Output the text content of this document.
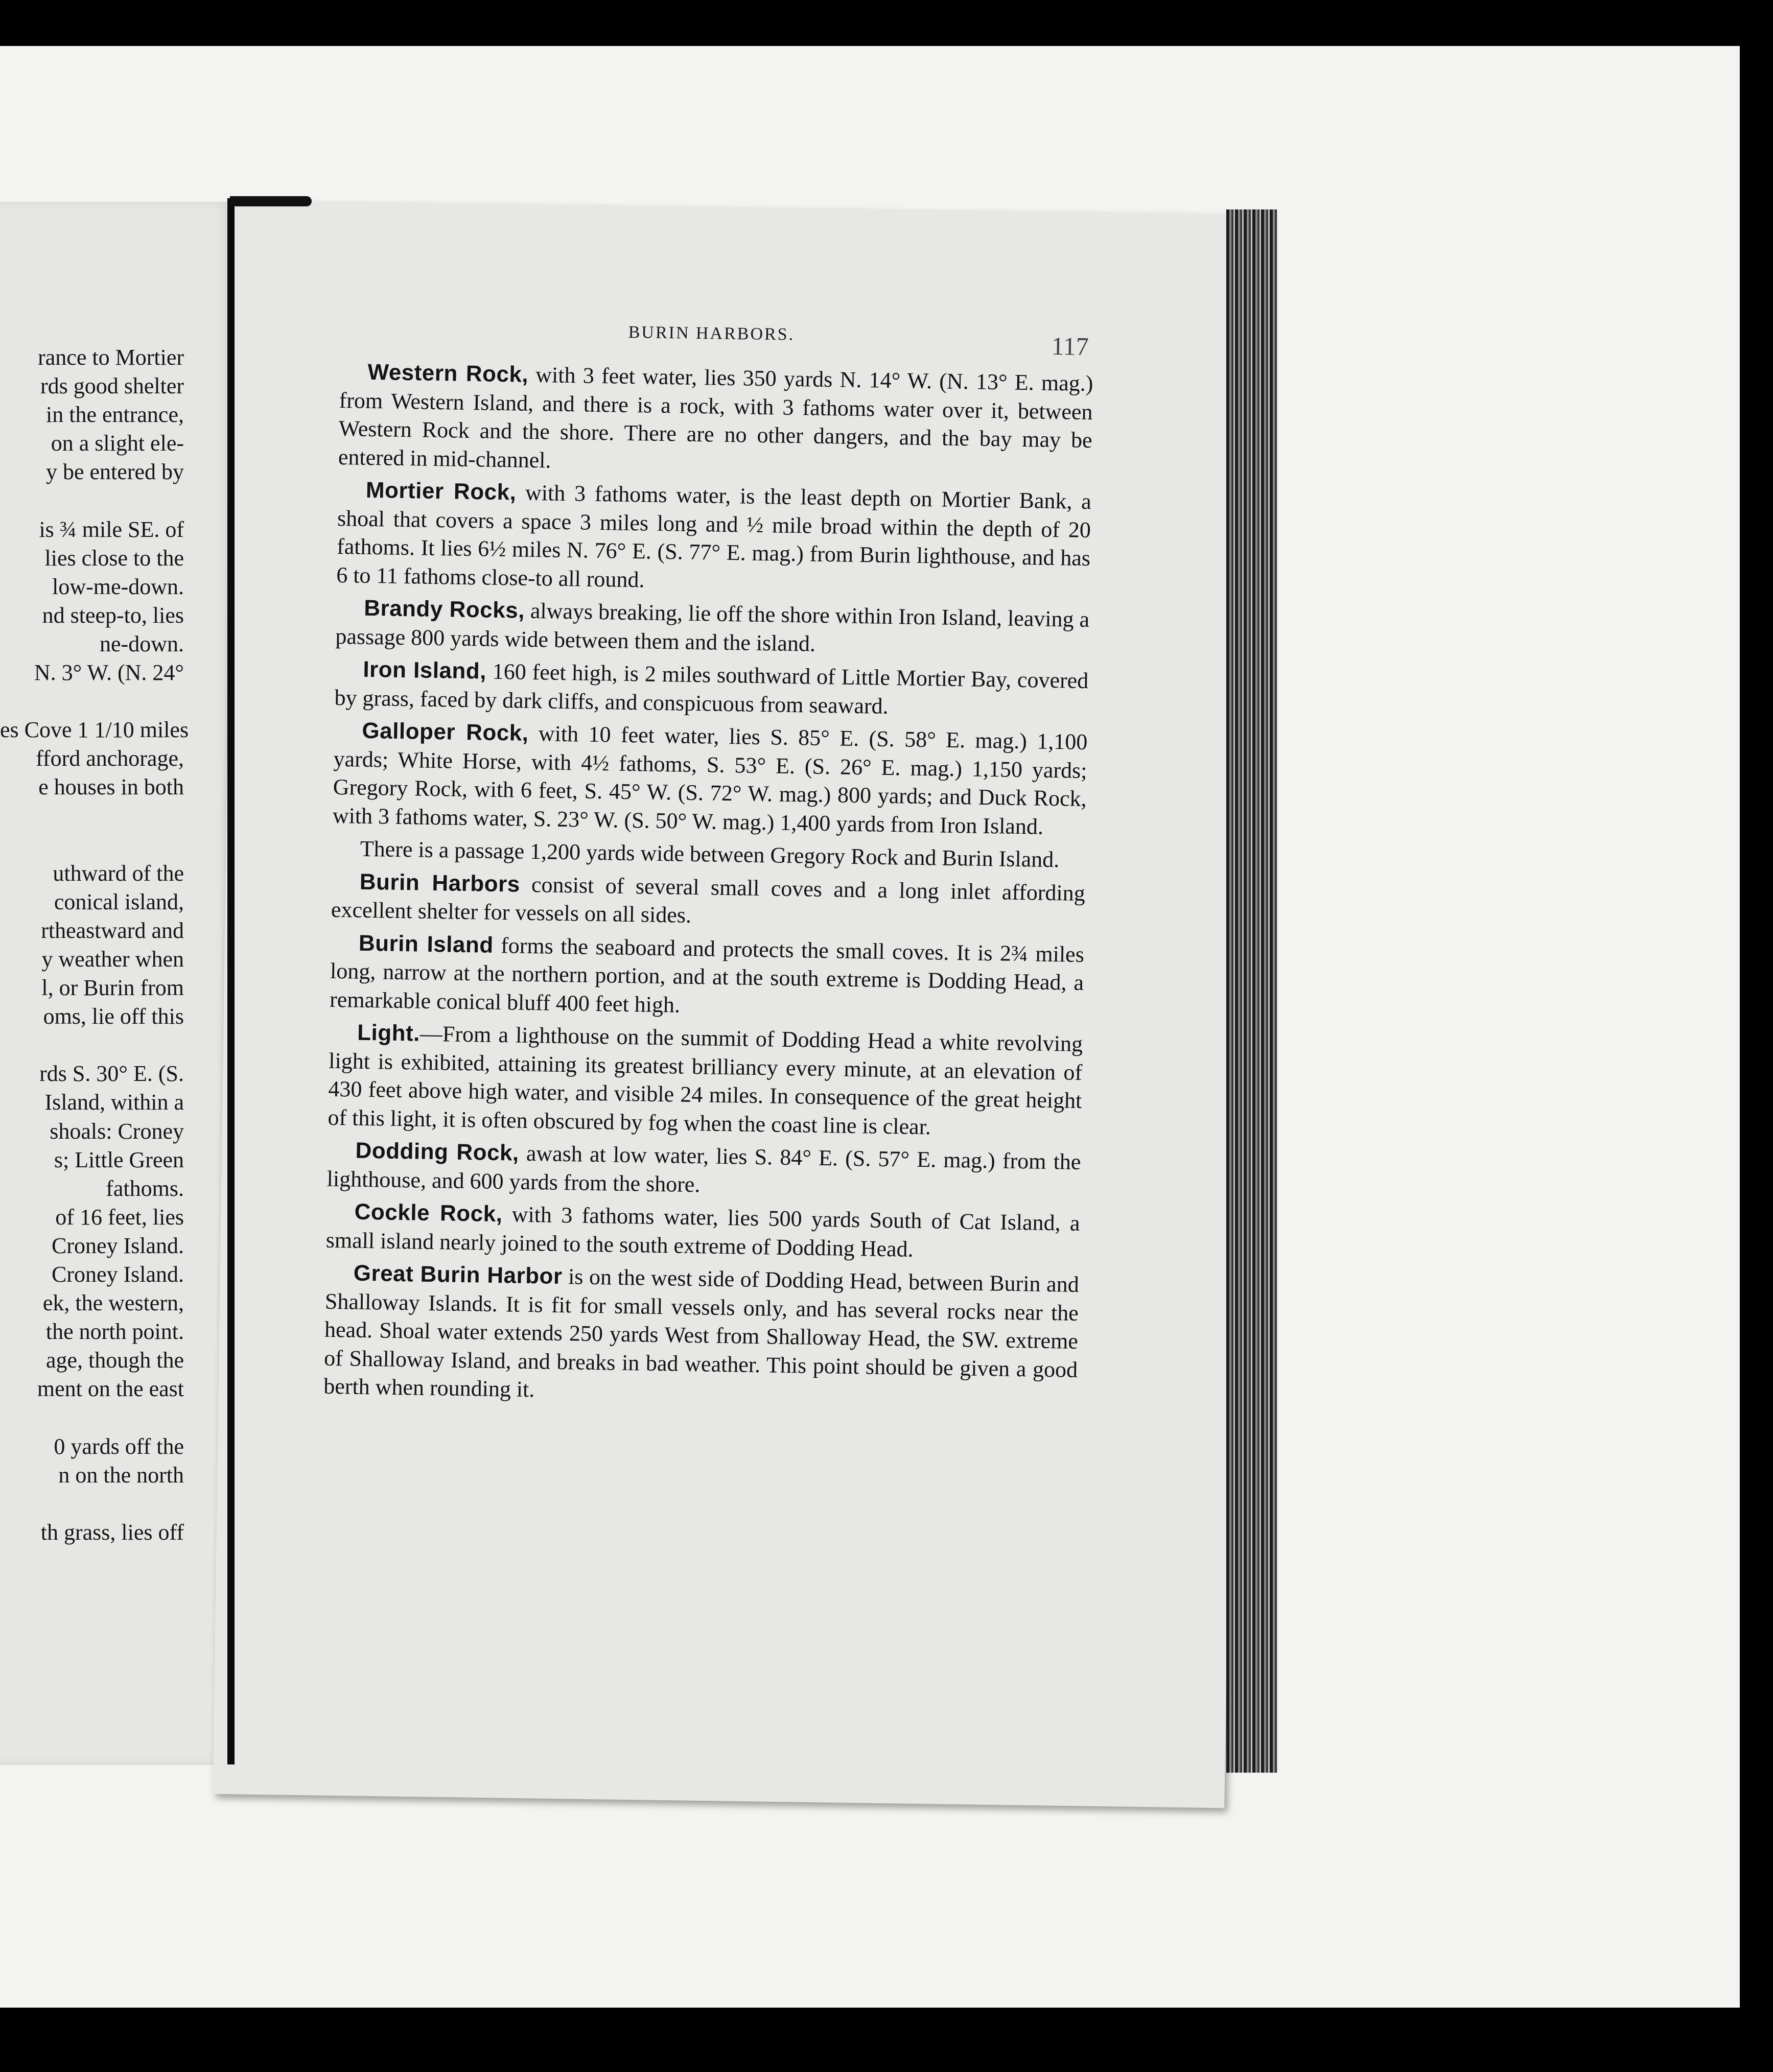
rance to Mortier
rds good shelter
in the entrance,
on a slight ele-
y be entered by
is ¾ mile SE. of
lies close to the
low-me-down.
nd steep-to, lies
ne-down.
N. 3° W. (N. 24°
es Cove 1 1/10 miles
fford anchorage,
e houses in both
uthward of the
conical island,
rtheastward and
y weather when
l, or Burin from
oms, lie off this
rds S. 30° E. (S.
Island, within a
shoals: Croney
s; Little Green
fathoms.
of 16 feet, lies
Croney Island.
Croney Island.
ek, the western,
the north point.
age, though the
ment on the east
0 yards off the
n on the north
th grass, lies off
BURIN HARBORS.	117

Western Rock, with 3 feet water, lies 350 yards N. 14° W. (N. 13° E. mag.) from Western Island, and there is a rock, with 3 fathoms water over it, between Western Rock and the shore. There are no other dangers, and the bay may be entered in mid-channel.

Mortier Rock, with 3 fathoms water, is the least depth on Mortier Bank, a shoal that covers a space 3 miles long and ½ mile broad within the depth of 20 fathoms. It lies 6½ miles N. 76° E. (S. 77° E. mag.) from Burin lighthouse, and has 6 to 11 fathoms close-to all round.

Brandy Rocks, always breaking, lie off the shore within Iron Island, leaving a passage 800 yards wide between them and the island.

Iron Island, 160 feet high, is 2 miles southward of Little Mortier Bay, covered by grass, faced by dark cliffs, and conspicuous from seaward.

Galloper Rock, with 10 feet water, lies S. 85° E. (S. 58° E. mag.) 1,100 yards; White Horse, with 4½ fathoms, S. 53° E. (S. 26° E. mag.) 1,150 yards; Gregory Rock, with 6 feet, S. 45° W. (S. 72° W. mag.) 800 yards; and Duck Rock, with 3 fathoms water, S. 23° W. (S. 50° W. mag.) 1,400 yards from Iron Island.

There is a passage 1,200 yards wide between Gregory Rock and Burin Island.

Burin Harbors consist of several small coves and a long inlet affording excellent shelter for vessels on all sides.

Burin Island forms the seaboard and protects the small coves. It is 2¾ miles long, narrow at the northern portion, and at the south extreme is Dodding Head, a remarkable conical bluff 400 feet high.

Light.—From a lighthouse on the summit of Dodding Head a white revolving light is exhibited, attaining its greatest brilliancy every minute, at an elevation of 430 feet above high water, and visible 24 miles. In consequence of the great height of this light, it is often obscured by fog when the coast line is clear.

Dodding Rock, awash at low water, lies S. 84° E. (S. 57° E. mag.) from the lighthouse, and 600 yards from the shore.

Cockle Rock, with 3 fathoms water, lies 500 yards South of Cat Island, a small island nearly joined to the south extreme of Dodding Head.

Great Burin Harbor is on the west side of Dodding Head, between Burin and Shalloway Islands. It is fit for small vessels only, and has several rocks near the head. Shoal water extends 250 yards West from Shalloway Head, the SW. extreme of Shalloway Island, and breaks in bad weather. This point should be given a good berth when rounding it.
